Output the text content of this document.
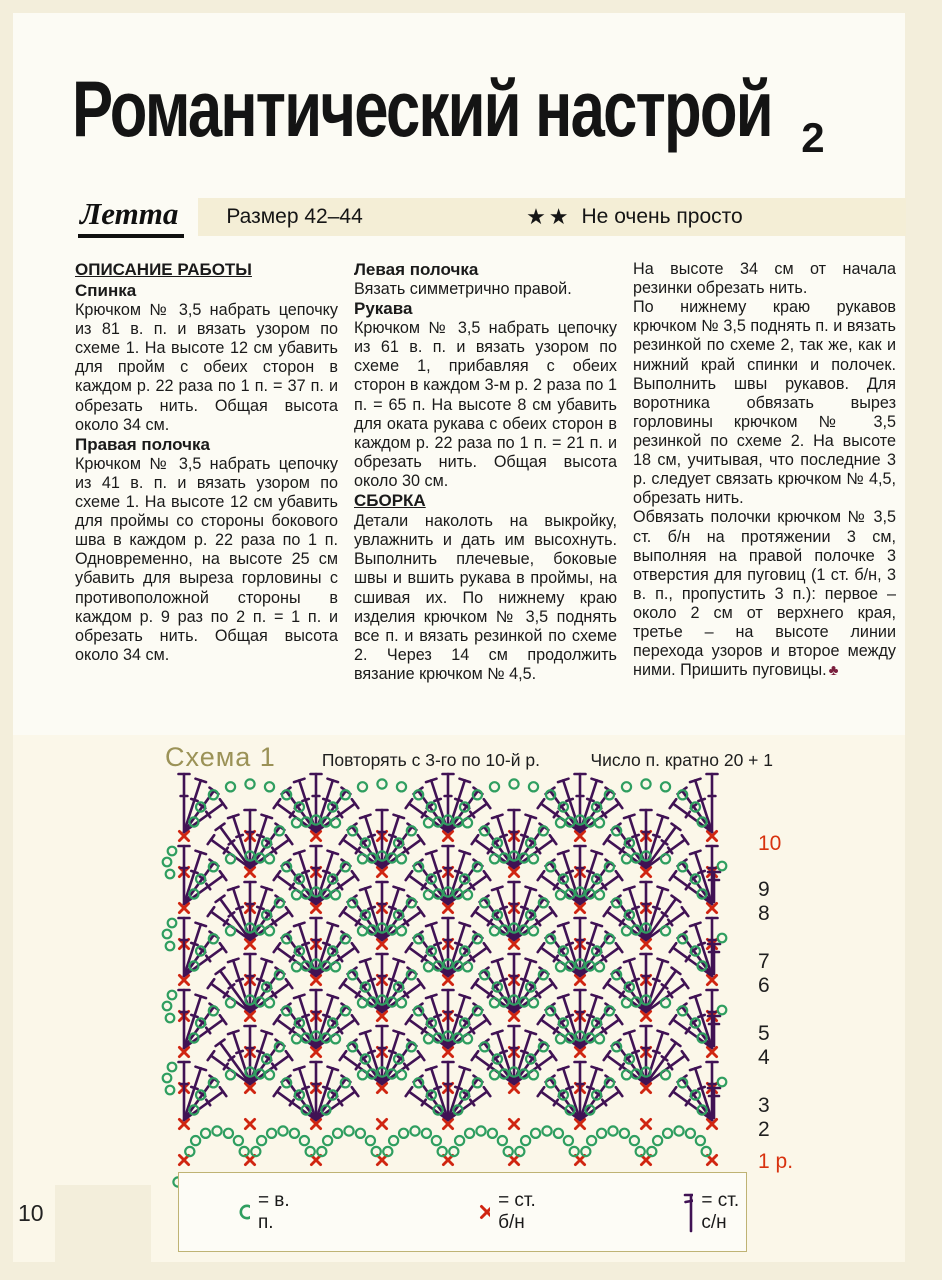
Романтический настрой 2
Летта Размер 42–44	★★ Не очень просто
ОПИСАНИЕ РАБОТЫ
Спинка
Крючком № 3,5 набрать цепочку из 81 в. п. и вязать узором по схеме 1. На высоте 12 см убавить для пройм с обеих сторон в каждом р. 22 раза по 1 п. = 37 п. и обрезать нить. Общая высота около 34 см.
Правая полочка
Крючком № 3,5 набрать цепочку из 41 в. п. и вязать узором по схеме 1. На высоте 12 см убавить для проймы со стороны бокового шва в каждом р. 22 раза по 1 п. Одновременно, на высоте 25 см убавить для выреза горловины с противоположной стороны в каждом р. 9 раз по 2 п. = 1 п. и обрезать нить. Общая высота около 34 см.
Левая полочка
Вязать симметрично правой.
Рукава
Крючком № 3,5 набрать цепочку из 61 в. п. и вязать узором по схеме 1, прибавляя с обеих сторон в каждом 3-м р. 2 раза по 1 п. = 65 п. На высоте 8 см убавить для оката рукава с обеих сторон в каждом р. 22 раза по 1 п. = 21 п. и обрезать нить. Общая высота около 30 см.
СБОРКА
Детали наколоть на выкройку, увлажнить и дать им высохнуть. Выполнить плечевые, боковые швы и вшить рукава в проймы, на сшивая их. По нижнему краю изделия крючком № 3,5 поднять все п. и вязать резинкой по схеме 2. Через 14 см продолжить вязание крючком № 4,5.
На высоте 34 см от начала резинки обрезать нить.
По нижнему краю рукавов крючком № 3,5 поднять п. и вязать резинкой по схеме 2, так же, как и нижний край спинки и полочек. Выполнить швы рукавов. Для воротника обвязать вырез горловины крючком № 3,5 резинкой по схеме 2. На высоте 18 см, учитывая, что последние 3 р. следует связать крючком № 4,5, обрезать нить.
Обвязать полочки крючком № 3,5 ст. б/н на протяжении 3 см, выполняя на правой полочке 3 отверстия для пуговиц (1 ст. б/н, 3 в. п., пропустить 3 п.): первое – около 2 см от верхнего края, третье – на высоте линии перехода узоров и второе между ними. Пришить пуговицы. ♣
Схема 1	Повторять с 3-го по 10-й р.	Число п. кратно 20 + 1
10
9
8
7
6
5
4
3
2
1 р.
= в. п.
= ст. б/н
= ст. с/н
10
